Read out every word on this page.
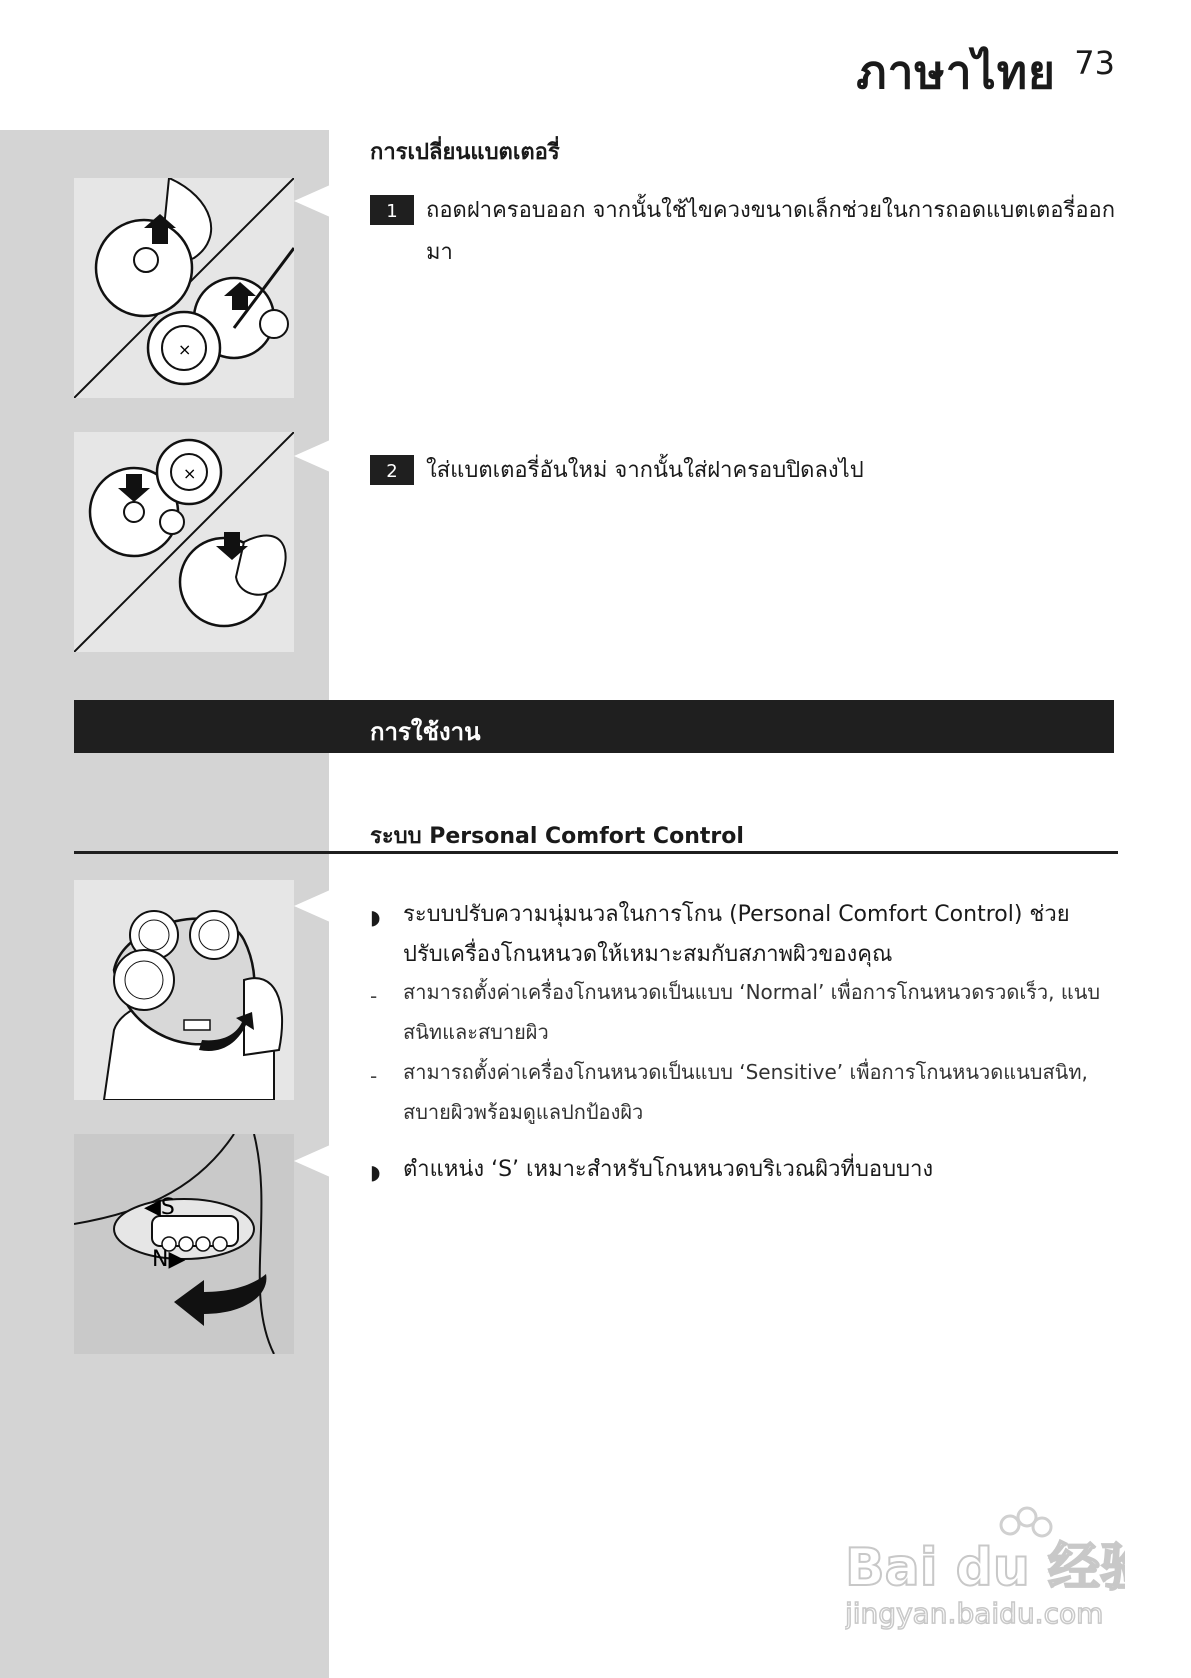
ภาษาไทย 73
×
การเปลี่ยนแบตเตอรี่
1	ถอดฝาครอบออก จากนั้นใช้ไขควงขนาดเล็กช่วยในการถอดแบตเตอรี่ออกมา
×	2	ใส่แบตเตอรี่อันใหม่ จากนั้นใส่ฝาครอบปิดลงไป
การใช้งาน
ระบบ Personal Comfort Control
◗ ระบบปรับความนุ่มนวลในการโกน (Personal Comfort Control) ช่วยปรับเครื่องโกนหนวดให้เหมาะสมกับสภาพผิวของคุณ
- สามารถตั้งค่าเครื่องโกนหนวดเป็นแบบ ‘Normal’ เพื่อการโกนหนวดรวดเร็ว, แนบสนิทและสบายผิว
- สามารถตั้งค่าเครื่องโกนหนวดเป็นแบบ ‘Sensitive’ เพื่อการโกนหนวดแนบสนิท, สบายผิวพร้อมดูแลปกป้องผิว
◀S
N▶
◗ ตำแหน่ง ‘S’ เหมาะสำหรับโกนหนวดบริเวณผิวที่บอบบาง
Bai du 经验
jingyan.baidu.com
